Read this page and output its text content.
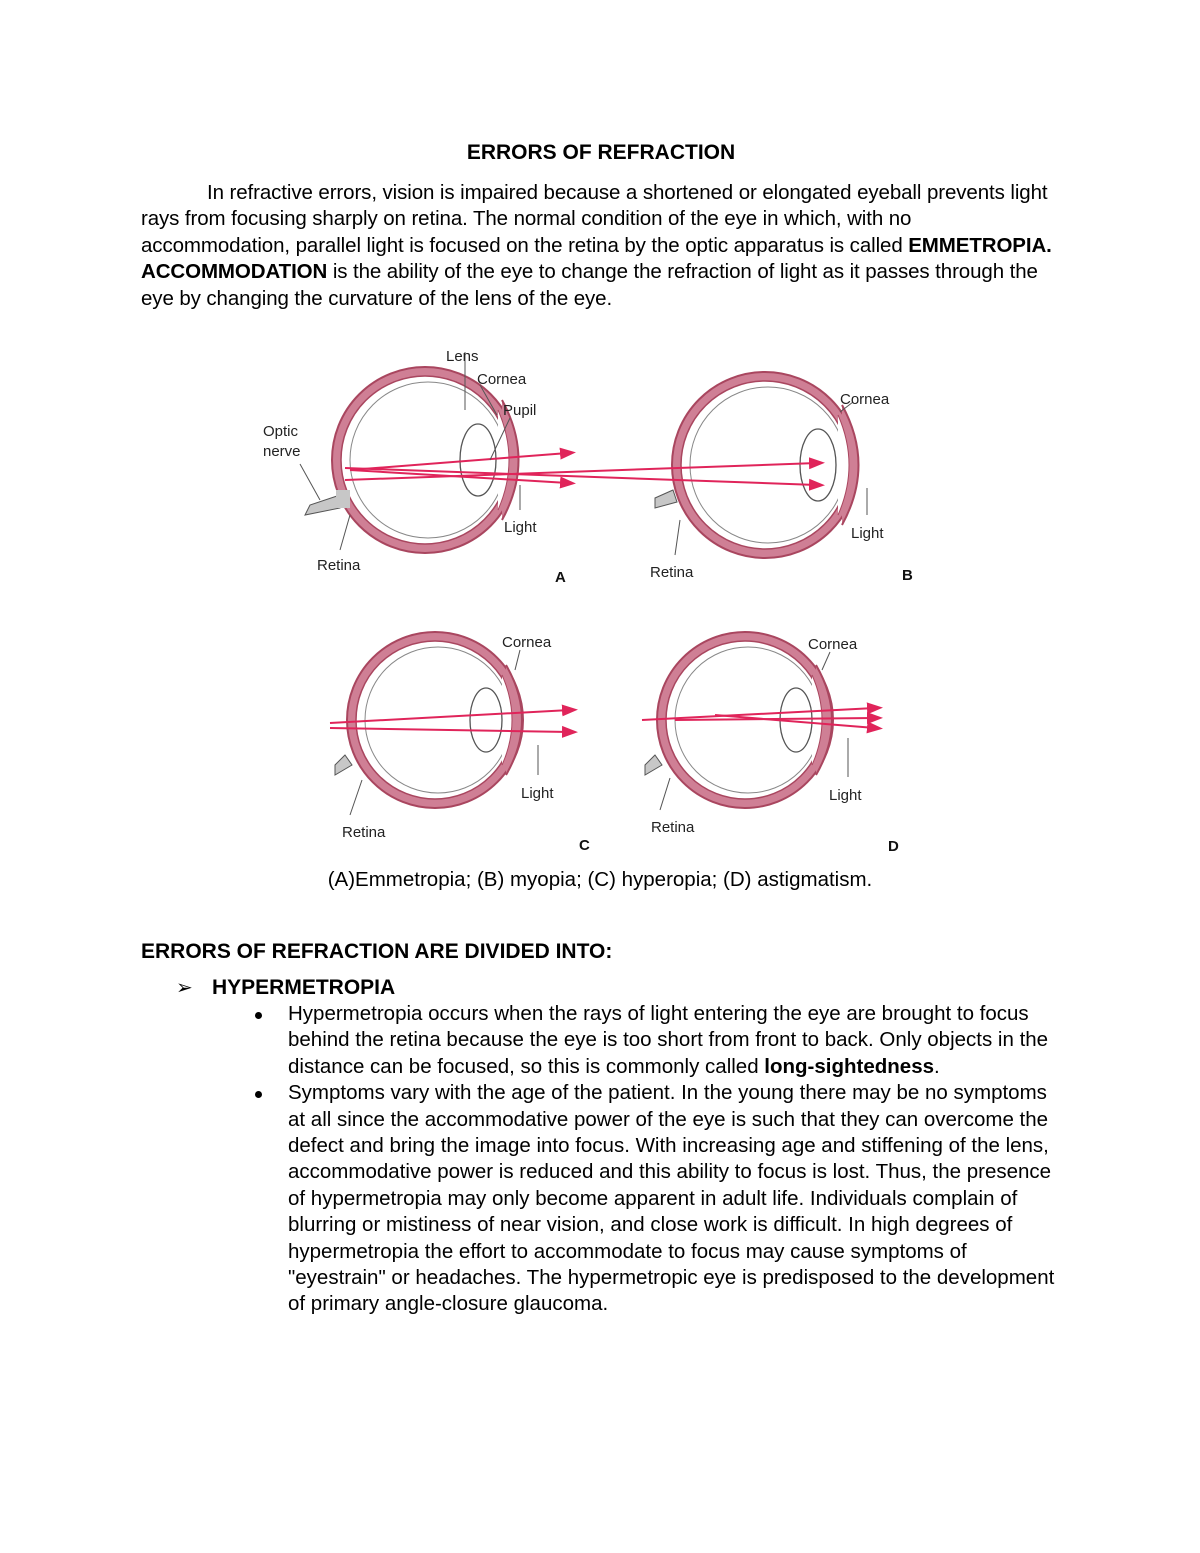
ERRORS OF REFRACTION

In refractive errors, vision is impaired because a shortened or elongated eyeball prevents light rays from focusing sharply on retina. The normal condition of the eye in which, with no accommodation, parallel light is focused on the retina by the optic apparatus is called EMMETROPIA. ACCOMMODATION is the ability of the eye to change the refraction of light as it passes through the eye by changing the curvature of the lens of the eye.

Lens
Cornea
Pupil
Optic
nerve
Light
Retina
A
Cornea
Light
Retina	B
Cornea
Light
Retina
C
Cornea
Light
Retina
D
(A)Emmetropia; (B) myopia; (C) hyperopia; (D) astigmatism.
ERRORS OF REFRACTION ARE DIVIDED INTO:
➢ HYPERMETROPIA
Hypermetropia occurs when the rays of light entering the eye are brought to focus behind the retina because the eye is too short from front to back. Only objects in the distance can be focused, so this is commonly called long-sightedness.
Symptoms vary with the age of the patient. In the young there may be no symptoms at all since the accommodative power of the eye is such that they can overcome the defect and bring the image into focus. With increasing age and stiffening of the lens, accommodative power is reduced and this ability to focus is lost. Thus, the presence of hypermetropia may only become apparent in adult life. Individuals complain of blurring or mistiness of near vision, and close work is difficult. In high degrees of hypermetropia the effort to accommodate to focus may cause symptoms of "eyestrain" or headaches. The hypermetropic eye is predisposed to the development of primary angle-closure glaucoma.
